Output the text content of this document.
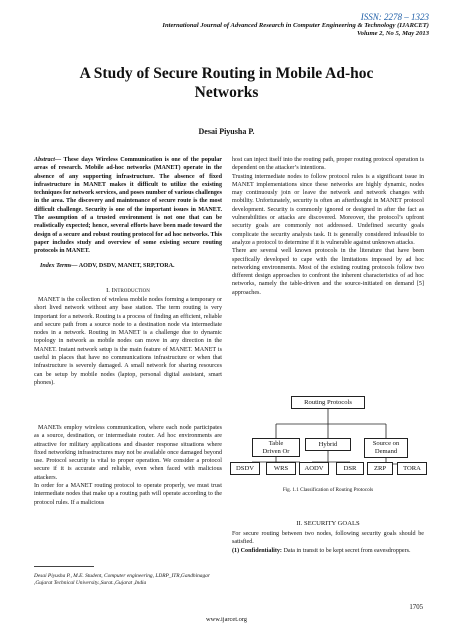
ISSN: 2278 – 1323
International Journal of Advanced Research in Computer Engineering & Technology (IJARCET)
Volume 2, No 5, May 2013
A Study of Secure Routing in Mobile Ad-hoc
Networks
Desai Piyusha P.
Abstract— These days Wireless Communication is one of the popular areas of research. Mobile ad-hoc networks (MANET) operate in the absence of any supporting infrastructure. The absence of fixed infrastructure in MANET makes it difficult to utilize the existing techniques for network services, and poses number of various challenges in the area. The discovery and maintenance of secure route is the most difficult challenge. Security is one of the important issues in MANET. The assumption of a trusted environment is not one that can be realistically expected; hence, several efforts have been made toward the design of a secure and robust routing protocol for ad hoc networks. This paper includes study and overview of some existing secure routing protocols in MANET.
Index Terms— AODV, DSDV, MANET, SRP,TORA.
I. Introduction

MANET is the collection of wireless mobile nodes forming a temporary or short lived network without any base station. The term routing is very important for a network. Routing is a process of finding an efficient, reliable and secure path from a source node to a destination node via intermediate nodes in a network. Routing in MANET is a challenge due to dynamic topology in network as mobile nodes can move in any direction in the MANET. Instant network setup is the main feature of MANET. MANET is useful in places that have no communications infrastructure or when that infrastructure is severely damaged. A small network for sharing resources can be setup by mobile nodes (laptop, personal digital assistant, smart phones).

MANETs employ wireless communication, where each node participates as a source, destination, or intermediate router. Ad hoc environments are attractive for military applications and disaster response situations where fixed networking infrastructures may not be available once damaged beyond use. Protocol security is vital to proper operation. We consider a protocol secure if it is accurate and reliable, even when faced with malicious attackers.

In order for a MANET routing protocol to operate properly, we must trust intermediate nodes that make up a routing path will operate according to the protocol rules. If a malicious

Desai Piyusha P., M.E. Student, Computer engineering, LDRP_ITR,Gandhinagar ,Gujarat Technical University.,Surat.,Gujarat ,India

host can inject itself into the routing path, proper routing protocol operation is dependent on the attacker’s intentions.

Trusting intermediate nodes to follow protocol rules is a significant issue in MANET implementations since these networks are highly dynamic, nodes may continuously join or leave the network and network changes with mobility. Unfortunately, security is often an afterthought in MANET protocol development. Security is commonly ignored or designed in after the fact as vulnerabilities or attacks are discovered. Moreover, the protocol’s upfront security goals are commonly not addressed. Undefined security goals complicate the security analysis task. It is generally considered infeasible to analyze a protocol to determine if it is vulnerable against unknown attacks.

There are several well known protocols in the literature that have been specifically developed to cape with the limitations imposed by ad hoc networking environments. Most of the existing routing protocols follow two different design approaches to confront the inherent characteristics of ad hoc networks, namely the table-driven and the source-initiated on demand [5] approaches.

Routing Protocols
Table Driven Or
Hybrid	Source on Demand
DSDV	WRS	AODV	DSR	ZRP	TORA
Fig. 1.1 Classification of Routing Protocols
II. SECURITY GOALS

For secure routing between two nodes, following security goals should be satisfied.

(1) Confidentiality: Data in transit to be kept secret from eavesdroppers.

1705
www.ijarcet.org
